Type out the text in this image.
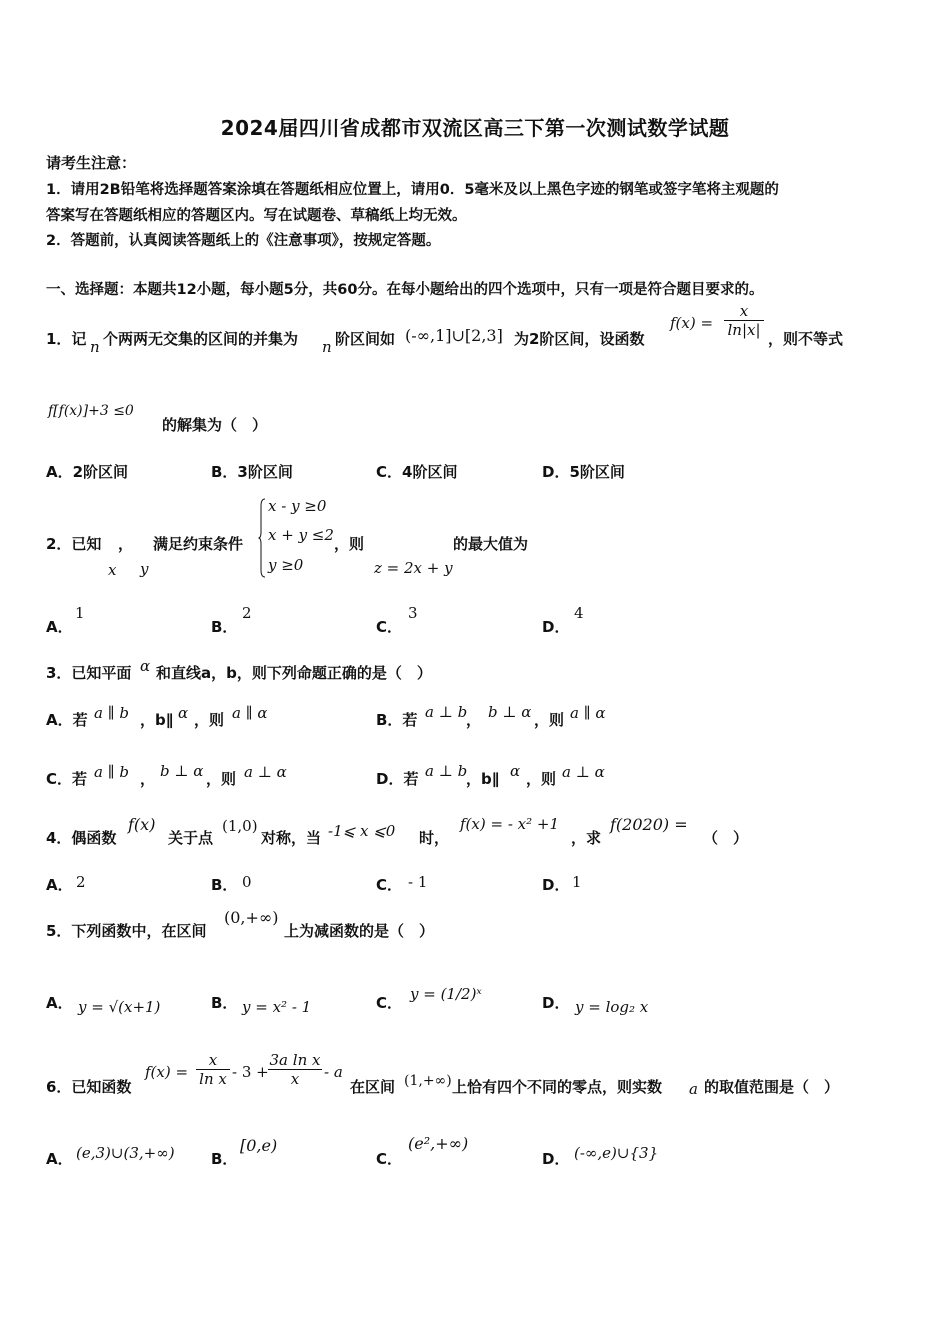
2024届四川省成都市双流区高三下第一次测试数学试题
请考生注意：
1．请用2B铅笔将选择题答案涂填在答题纸相应位置上，请用0．5毫米及以上黑色字迹的钢笔或签字笔将主观题的
答案写在答题纸相应的答题区内。写在试题卷、草稿纸上均无效。
2．答题前，认真阅读答题纸上的《注意事项》，按规定答题。
一、选择题：本题共12小题，每小题5分，共60分。在每小题给出的四个选项中，只有一项是符合题目要求的。
1．记 n 个两两无交集的区间的并集为 n 阶区间如 (-∞,1]∪[2,3] 为2阶区间，设函数
$f(x) = \frac{x}{\ln|x|}$ ，则不等式
f[f(x)]+3 ≤0
的解集为（　）
A．2阶区间	B．3阶区间	C．4阶区间	D．5阶区间
2．已知 ，
x y
满足约束条件
x - y ≥0
x + y ≤2
y ≥0
，则
z = 2x + y
的最大值为
A．
1
B．
2
C．
3
D．
4
3．已知平面 α 和直线a，b，则下列命题正确的是（　）
A．若 a ∥ b ，b∥ α ，则 a ∥ α	B．若 a ⊥ b
， b ⊥ α ，则 a ∥ α
C．若 a ∥ b ， b ⊥ α ，则 a ⊥ α	D．若 a ⊥ b
，b∥ α ，则 a ⊥ α
4．偶函数
f(x)
关于点
(1,0)
对称，当 -1⩽ x ⩽0 时，
f(x) = - x² +1
，求
f(2020) =
（　）
A． 2	B． 0	C． - 1	D． 1
5．下列函数中，在区间
(0,+∞)
上为减函数的是（　）
A． y = √(x+1)	B． y = x² - 1	C． y = (1/2)ˣ	D． y = log₂ x
6．已知函数
$f(x) = \frac{x}{\text{ln x}} - 3 + \frac{\text{3a ln x}}{x} - a$
在区间 (1,+∞) 上恰有四个不同的零点，则实数 a 的取值范围是（　）
A． (e,3)∪(3,+∞) B．
[0,e)
C．
(e²,+∞)
D． (-∞,e)∪{3}
